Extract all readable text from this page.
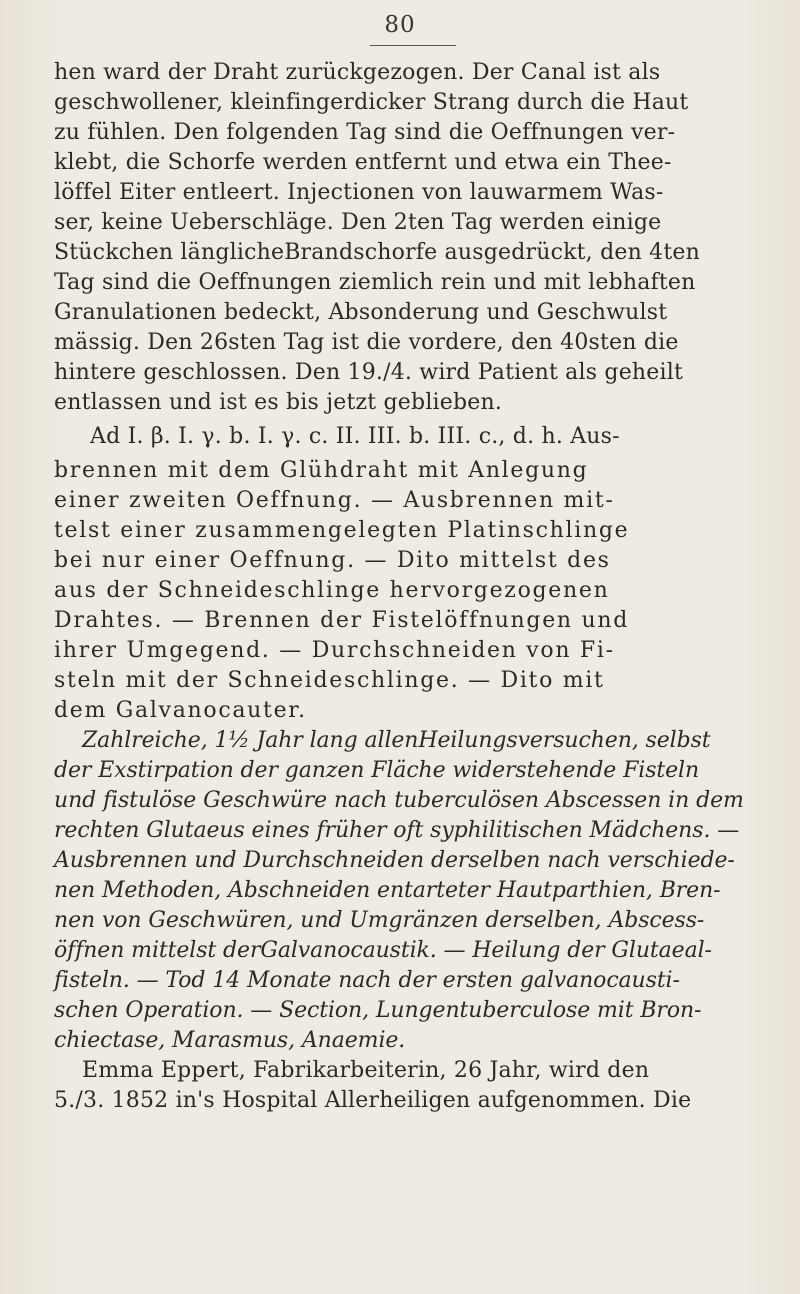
80
hen ward der Draht zurückgezogen. Der Canal ist als
geschwollener, kleinfingerdicker Strang durch die Haut
zu fühlen. Den folgenden Tag sind die Oeffnungen ver-
klebt, die Schorfe werden entfernt und etwa ein Thee-
löffel Eiter entleert. Injectionen von lauwarmem Was-
ser, keine Ueberschläge. Den 2ten Tag werden einige
Stückchen länglicheBrandschorfe ausgedrückt, den 4ten
Tag sind die Oeffnungen ziemlich rein und mit lebhaften
Granulationen bedeckt, Absonderung und Geschwulst
mässig. Den 26sten Tag ist die vordere, den 40sten die
hintere geschlossen. Den 19./4. wird Patient als geheilt
entlassen und ist es bis jetzt geblieben.
Ad I. β. I. γ. b. I. γ. c. II. III. b. III. c., d. h. Aus-
brennen mit dem Glühdraht mit Anlegung
einer zweiten Oeffnung. — Ausbrennen mit-
telst einer zusammengelegten Platinschlinge
bei nur einer Oeffnung. — Dito mittelst des
aus der Schneideschlinge hervorgezogenen
Drahtes. — Brennen der Fistelöffnungen und
ihrer Umgegend. — Durchschneiden von Fi-
steln mit der Schneideschlinge. — Dito mit
dem Galvanocauter.
Zahlreiche, 1½ Jahr lang allenHeilungsversuchen, selbst
der Exstirpation der ganzen Fläche widerstehende Fisteln
und fistulöse Geschwüre nach tuberculösen Abscessen in dem
rechten Glutaeus eines früher oft syphilitischen Mädchens. —
Ausbrennen und Durchschneiden derselben nach verschiede-
nen Methoden, Abschneiden entarteter Hautparthien, Bren-
nen von Geschwüren, und Umgränzen derselben, Abscess-
öffnen mittelst derGalvanocaustik. — Heilung der Glutaeal-
fisteln. — Tod 14 Monate nach der ersten galvanocausti-
schen Operation. — Section, Lungentuberculose mit Bron-
chiectase, Marasmus, Anaemie.
Emma Eppert, Fabrikarbeiterin, 26 Jahr, wird den
5./3. 1852 in's Hospital Allerheiligen aufgenommen. Die
